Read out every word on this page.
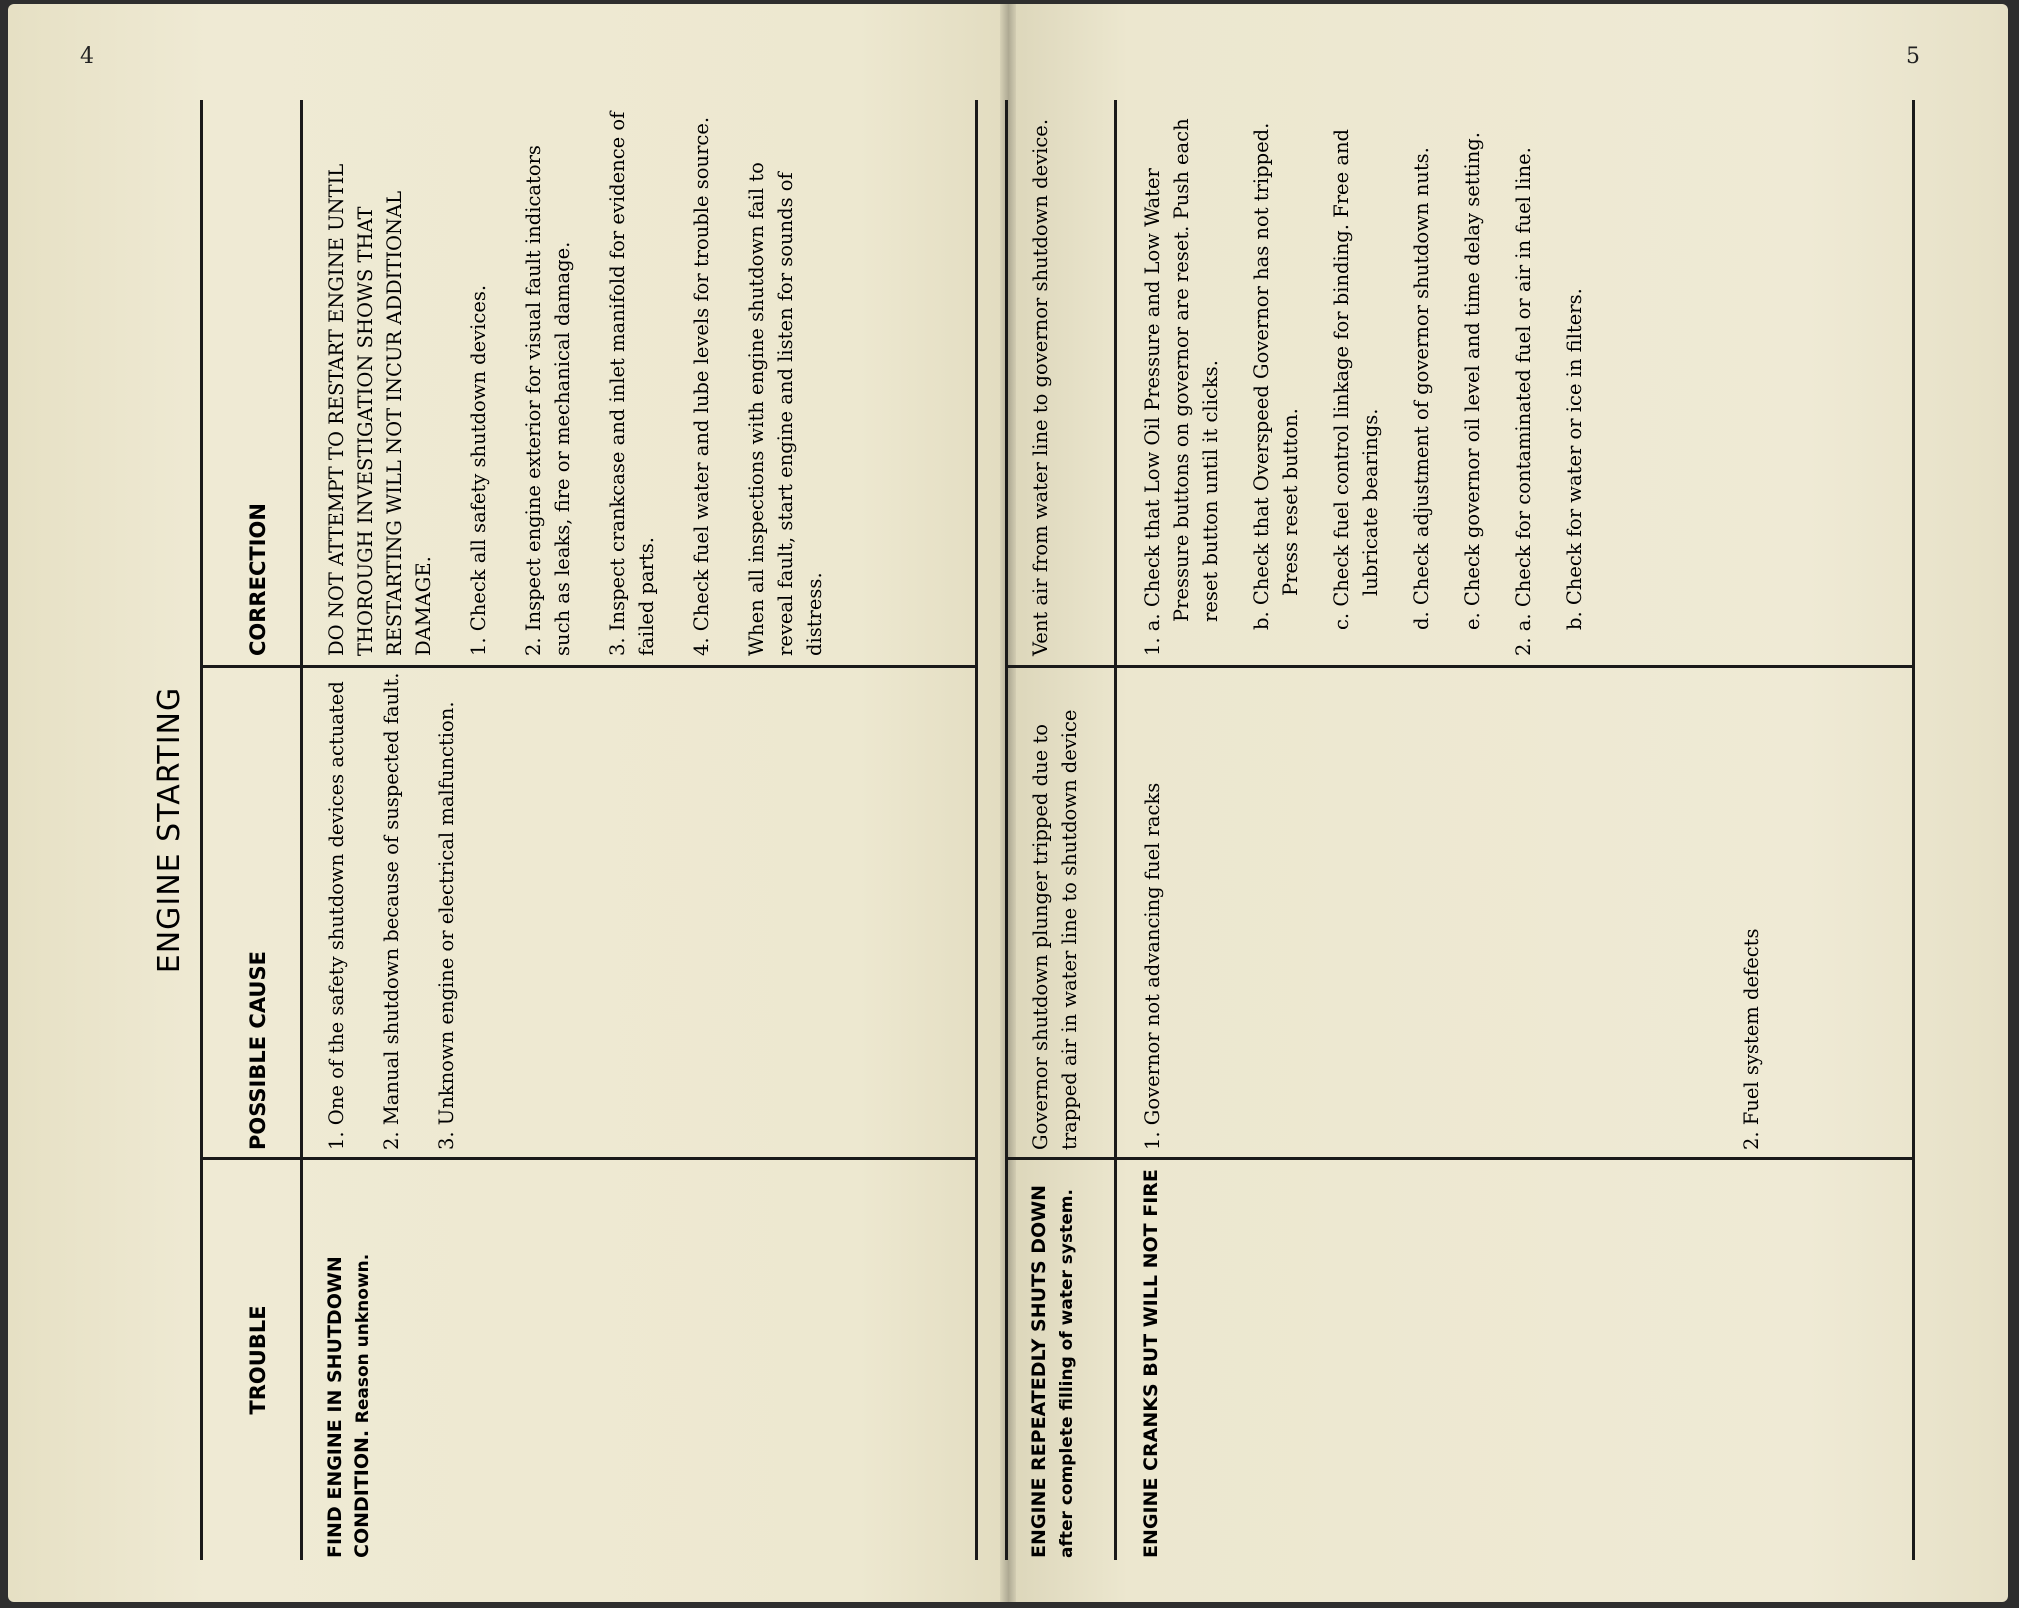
4	5
ENGINE STARTING
TROUBLE
POSSIBLE CAUSE
CORRECTION
FIND ENGINE IN SHUTDOWN CONDITION. Reason unknown.
1. One of the safety shutdown devices actuated 2. Manual shutdown because of suspected fault. 3. Unknown engine or electrical malfunction.
DO NOT ATTEMPT TO RESTART ENGINE UNTIL THOROUGH INVESTIGATION SHOWS THAT RESTARTING WILL NOT INCUR ADDITIONAL DAMAGE. 1. Check all safety shutdown devices. 2. Inspect engine exterior for visual fault indicators such as leaks, fire or mechanical damage. 3. Inspect crankcase and inlet manifold for evidence of failed parts. 4. Check fuel water and lube levels for trouble source. When all inspections with engine shutdown fail to reveal fault, start engine and listen for sounds of distress.
ENGINE REPEATEDLY SHUTS DOWN after complete filling of water system.
Governor shutdown plunger tripped due to trapped air in water line to shutdown device
Vent air from water line to governor shutdown device.
ENGINE CRANKS BUT WILL NOT FIRE
1. Governor not advancing fuel racks	2. Fuel system defects
1. a. Check that Low Oil Pressure and Low Water Pressure buttons on governor are reset. Push each reset button until it clicks. b. Check that Overspeed Governor has not tripped. Press reset button. c. Check fuel control linkage for binding. Free and lubricate bearings. d. Check adjustment of governor shutdown nuts. e. Check governor oil level and time delay setting. 2. a. Check for contaminated fuel or air in fuel line. b. Check for water or ice in filters.
